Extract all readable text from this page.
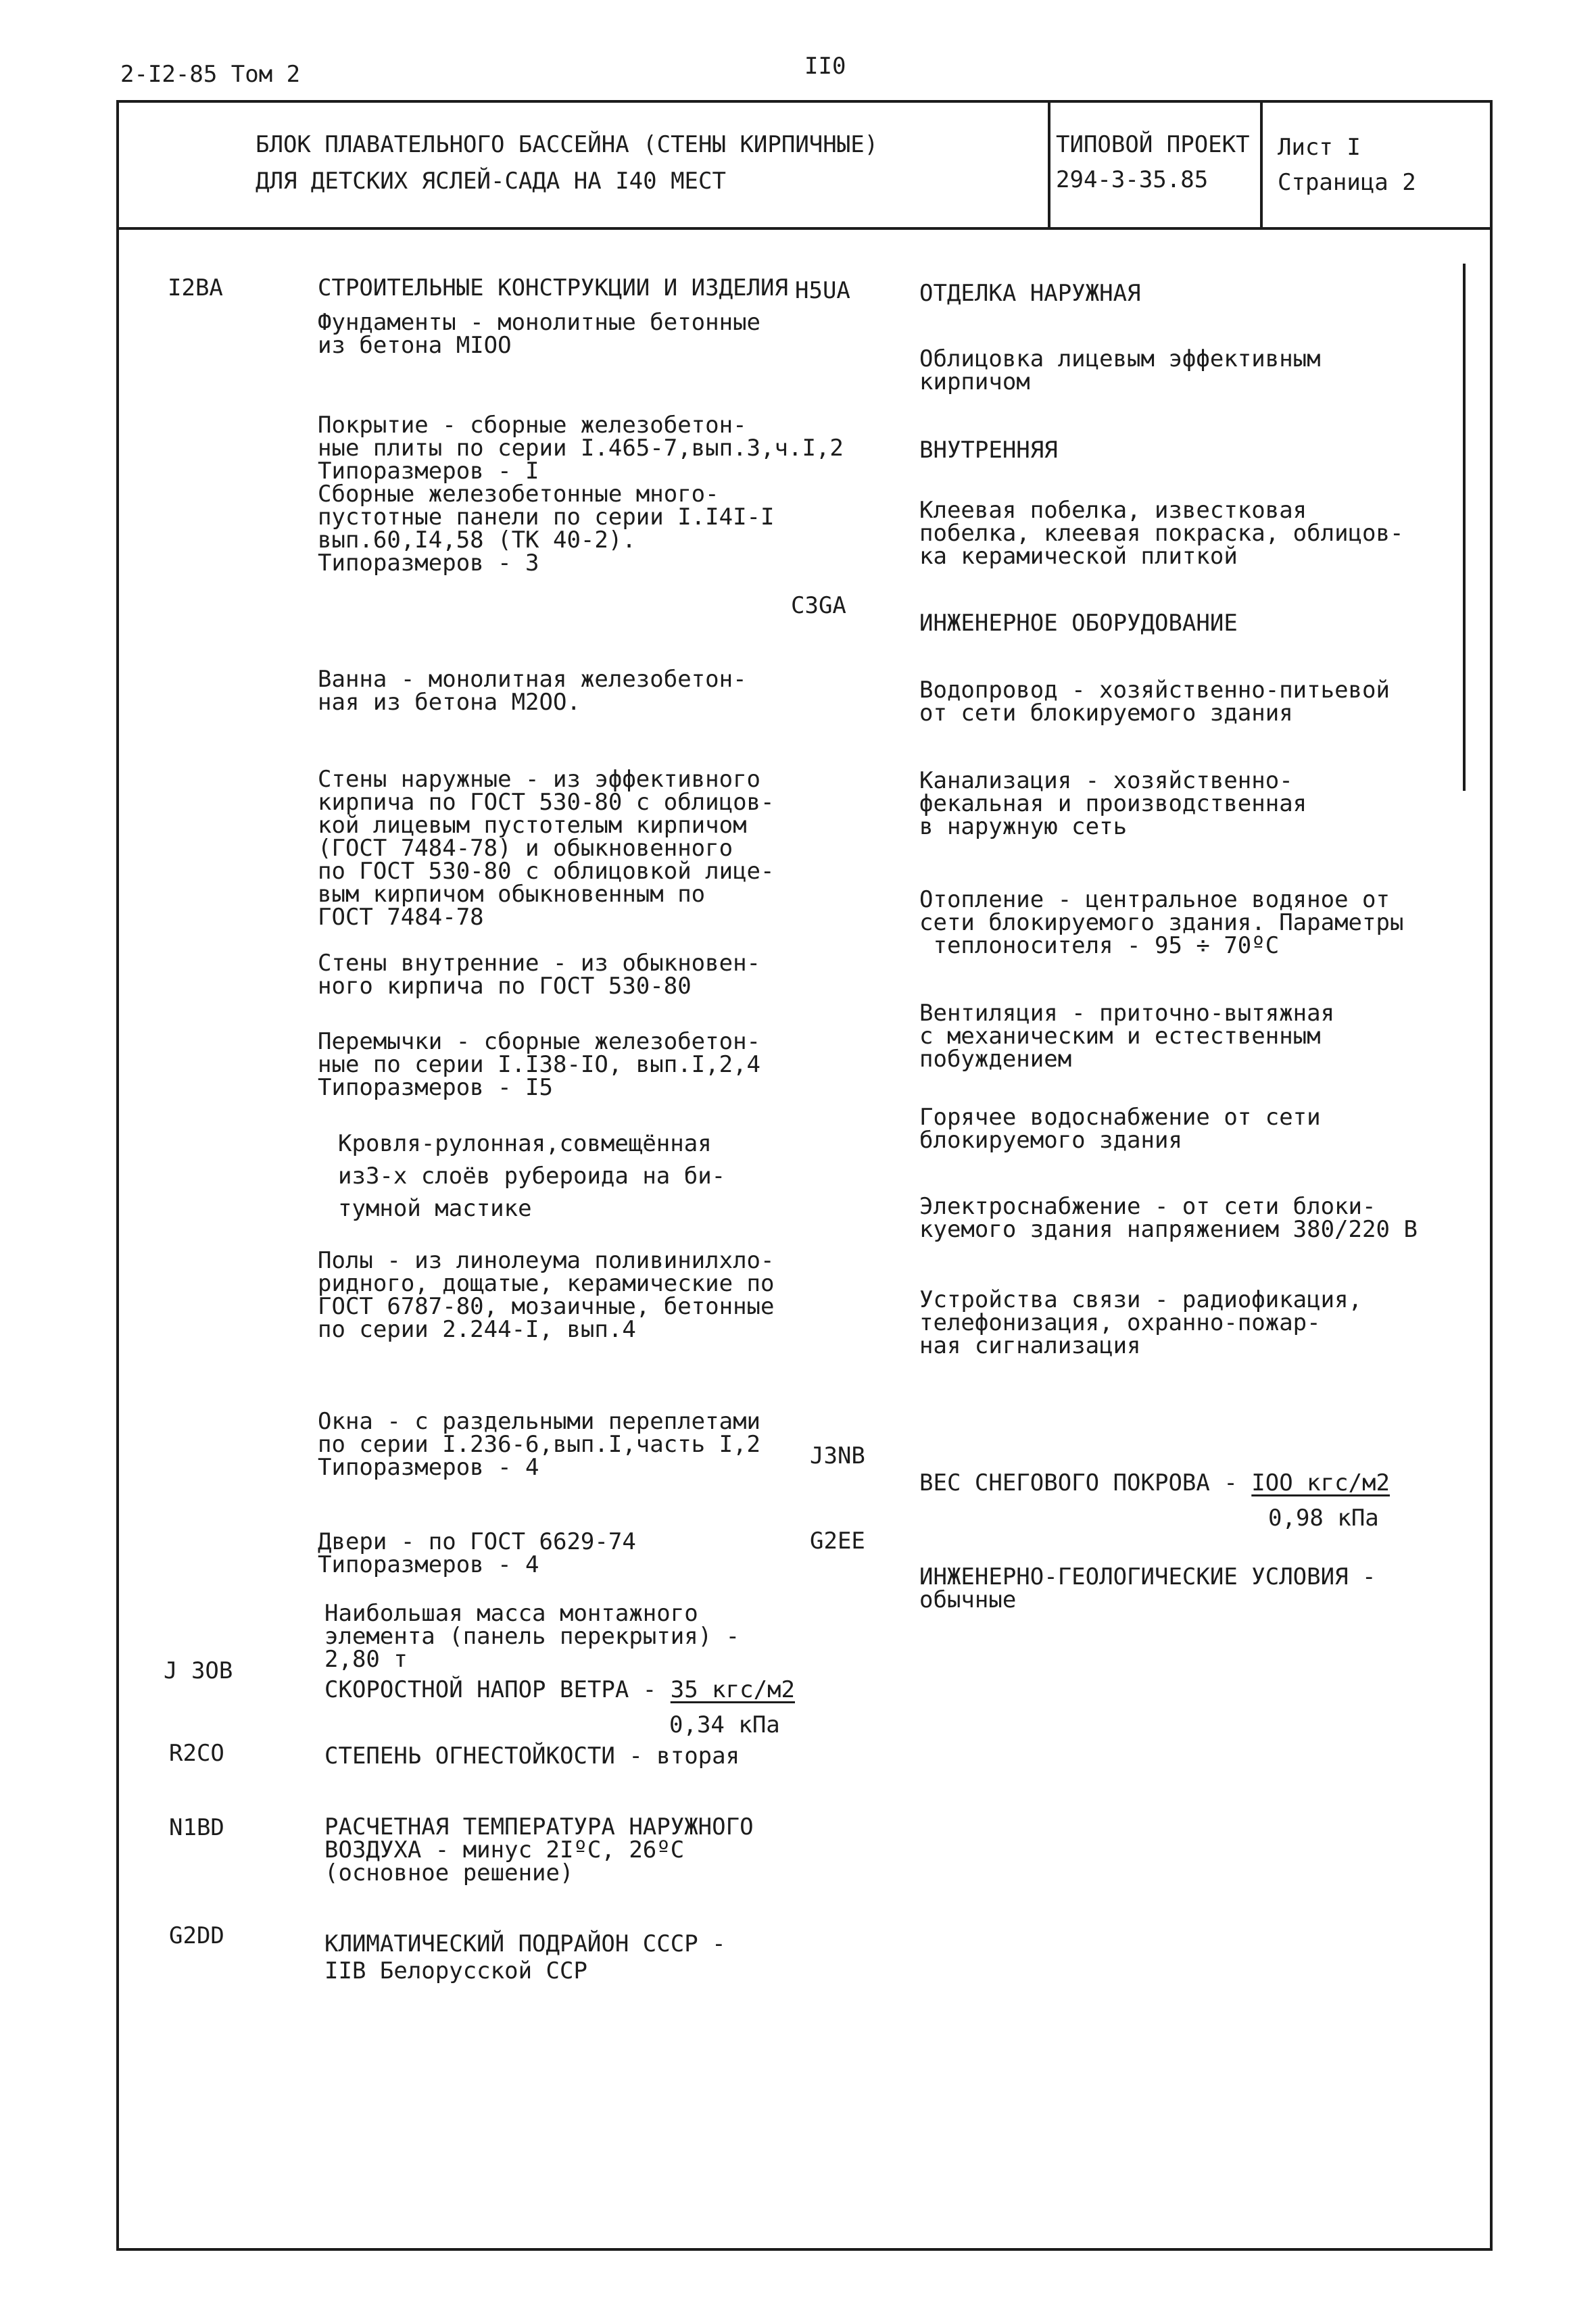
2-I2-85 Том 2	II0
БЛОК ПЛАВАТЕЛЬНОГО БАССЕЙНА (СТЕНЫ КИРПИЧНЫЕ)
ДЛЯ ДЕТСКИХ ЯСЛЕЙ-САДА НА I40 МЕСТ
ТИПОВОЙ ПРОЕКТ
294-3-35.85
Лист I
Страница 2
I2BA	H5UA
C3GA
J3NB
G2EE
J 3OB
R2CO
N1BD
G2DD
СТРОИТЕЛЬНЫЕ КОНСТРУКЦИИ И ИЗДЕЛИЯ
Фундаменты - монолитные бетонные
из бетона MIOO
Покрытие - сборные железобетон-
ные плиты по серии I.465-7,вып.3,ч.I,2
Типоразмеров - I
Сборные железобетонные много-
пустотные панели по серии I.I4I-I
вып.60,I4,58 (ТК 40-2).
Типоразмеров - 3
Ванна - монолитная железобетон-
ная из бетона M2OO.
Стены наружные - из эффективного
кирпича по ГОСТ 530-80 с облицов-
кой лицевым пустотелым кирпичом
(ГОСТ 7484-78) и обыкновенного
по ГОСТ 530-80 с облицовкой лице-
вым кирпичом обыкновенным по
ГОСТ 7484-78
Стены внутренние - из обыкновен-
ного кирпича по ГОСТ 530-80
Перемычки - сборные железобетон-
ные по серии I.I38-IO, вып.I,2,4
Типоразмеров - I5
Кровля-рулонная,совмещённая
из3-х слоёв рубероида на би-
тумной мастике
Полы - из линолеума поливинилхло-
ридного, дощатые, керамические по
ГОСТ 6787-80, мозаичные, бетонные
по серии 2.244-I, вып.4
Окна - с раздельными переплетами
по серии I.236-6,вып.I,часть I,2
Типоразмеров - 4
Двери - по ГОСТ 6629-74
Типоразмеров - 4
Наибольшая масса монтажного
элемента (панель перекрытия) -
2,80 т
СКОРОСТНОЙ НАПОР ВЕТРА - 35 кгс/м2
0,34 кПа
СТЕПЕНЬ ОГНЕСТОЙКОСТИ - вторая
РАСЧЕТНАЯ ТЕМПЕРАТУРА НАРУЖНОГО
ВОЗДУХА - минус 2IºC, 26ºC
(основное решение)
КЛИМАТИЧЕСКИЙ ПОДРАЙОН СССР -
IIВ Белорусской ССР
ОТДЕЛКА НАРУЖНАЯ
Облицовка лицевым эффективным
кирпичом
ВНУТРЕННЯЯ
Клеевая побелка, известковая
побелка, клеевая покраска, облицов-
ка керамической плиткой
ИНЖЕНЕРНОЕ ОБОРУДОВАНИЕ
Водопровод - хозяйственно-питьевой
от сети блокируемого здания
Канализация - хозяйственно-
фекальная и производственная
в наружную сеть
Отопление - центральное водяное от
сети блокируемого здания. Параметры
теплоносителя - 95 ÷ 70ºC
Вентиляция - приточно-вытяжная
с механическим и естественным
побуждением
Горячее водоснабжение от сети
блокируемого здания
Электроснабжение - от сети блоки-
куемого здания напряжением 380/220 В
Устройства связи - радиофикация,
телефонизация, охранно-пожар-
ная сигнализация
ВЕС СНЕГОВОГО ПОКРОВА - IOO кгс/м2
0,98 кПа
ИНЖЕНЕРНО-ГЕОЛОГИЧЕСКИЕ УСЛОВИЯ -
обычные
